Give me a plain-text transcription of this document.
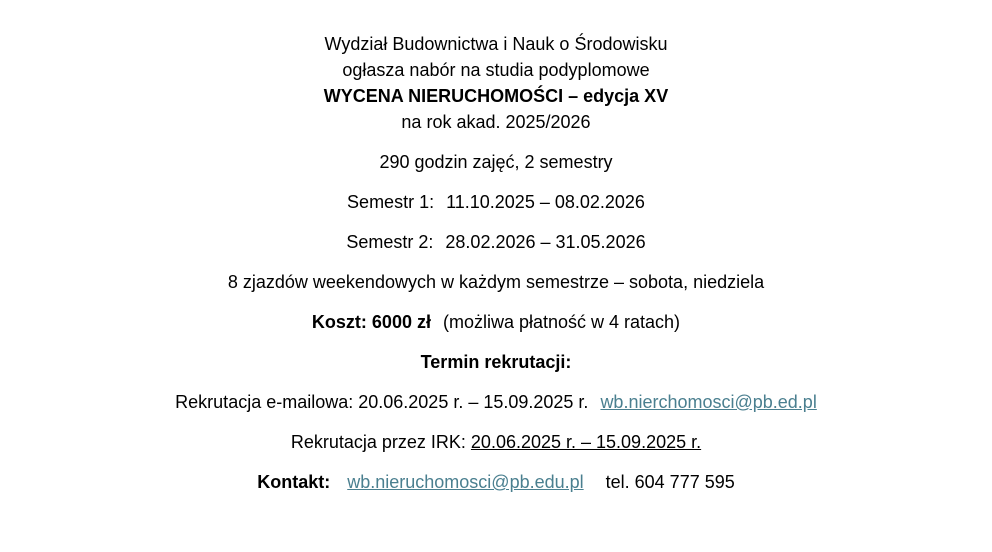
Wydział Budownictwa i Nauk o Środowisku
ogłasza nabór na studia podyplomowe
WYCENA NIERUCHOMOŚCI – edycja XV
na rok akad. 2025/2026
290 godzin zajęć, 2 semestry
Semestr 1: 11.10.2025 – 08.02.2026
Semestr 2: 28.02.2026 – 31.05.2026
8 zjazdów weekendowych w każdym semestrze – sobota, niedziela
Koszt: 6000 zł (możliwa płatność w 4 ratach)
Termin rekrutacji:
Rekrutacja e-mailowa: 20.06.2025 r. – 15.09.2025 r. wb.nierchomosci@pb.ed.pl
Rekrutacja przez IRK: 20.06.2025 r. – 15.09.2025 r.
Kontakt: wb.nieruchomosci@pb.edu.pl tel. 604 777 595
